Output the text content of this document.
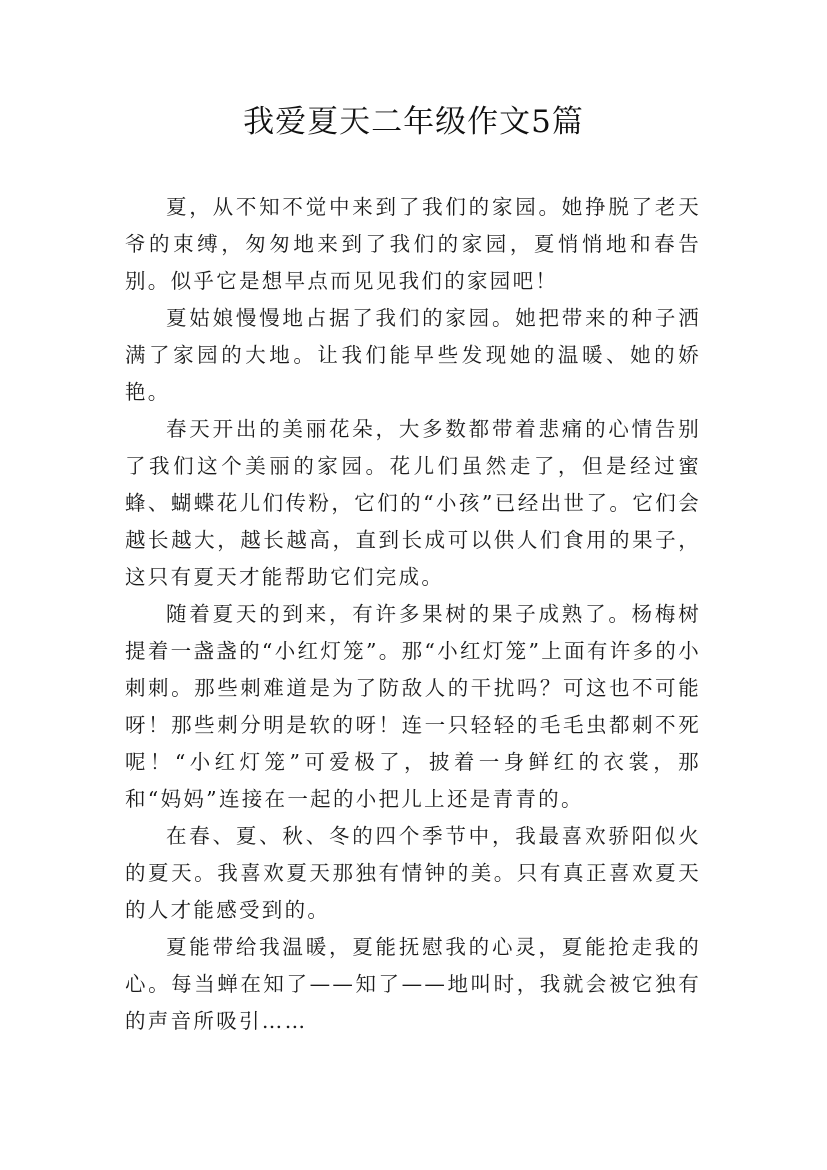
我爱夏天二年级作文5篇

夏，从不知不觉中来到了我们的家园。她挣脱了老天爷的束缚，匆匆地来到了我们的家园，夏悄悄地和春告别。似乎它是想早点而见见我们的家园吧！

夏姑娘慢慢地占据了我们的家园。她把带来的种子洒满了家园的大地。让我们能早些发现她的温暖、她的娇艳。

春天开出的美丽花朵，大多数都带着悲痛的心情告别了我们这个美丽的家园。花儿们虽然走了，但是经过蜜蜂、蝴蝶花儿们传粉，它们的“小孩”已经出世了。它们会越长越大，越长越高，直到长成可以供人们食用的果子，这只有夏天才能帮助它们完成。

随着夏天的到来，有许多果树的果子成熟了。杨梅树提着一盏盏的“小红灯笼”。那“小红灯笼”上面有许多的小刺刺。那些刺难道是为了防敌人的干扰吗？可这也不可能呀！那些刺分明是软的呀！连一只轻轻的毛毛虫都刺不死呢！“小红灯笼”可爱极了，披着一身鲜红的衣裳，那和“妈妈”连接在一起的小把儿上还是青青的。

在春、夏、秋、冬的四个季节中，我最喜欢骄阳似火的夏天。我喜欢夏天那独有情钟的美。只有真正喜欢夏天的人才能感受到的。

夏能带给我温暖，夏能抚慰我的心灵，夏能抢走我的心。每当蝉在知了——知了——地叫时，我就会被它独有的声音所吸引……
